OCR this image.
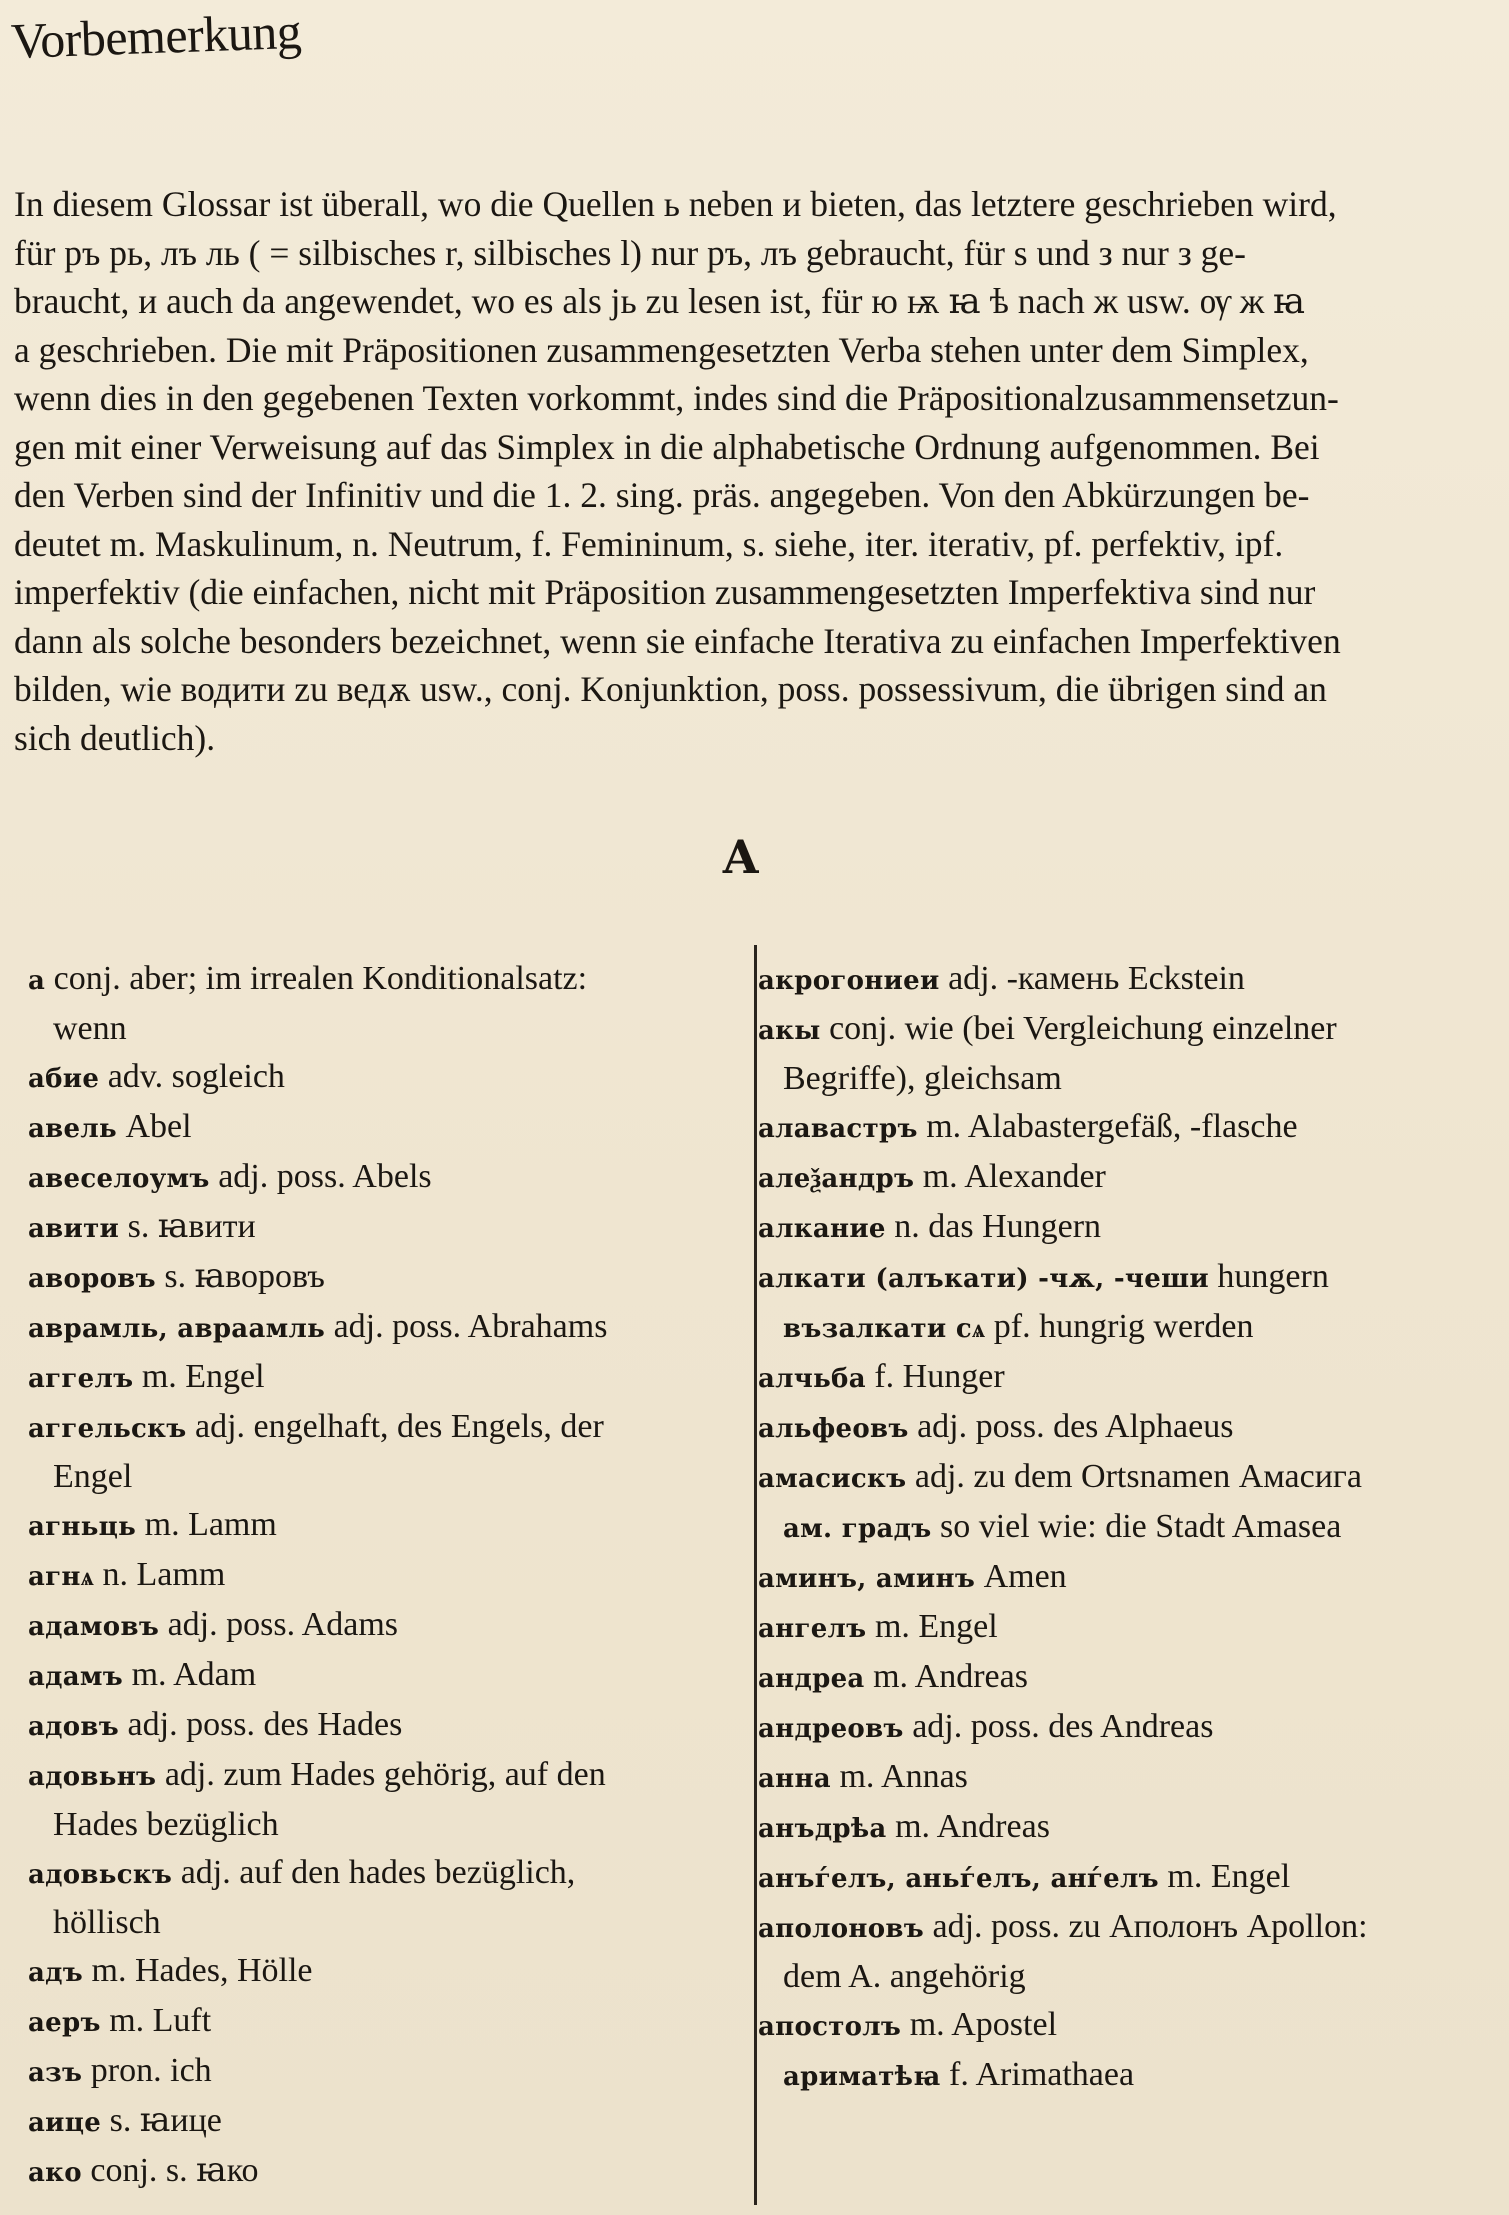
Vorbemerkung

In diesem Glossar ist überall, wo die Quellen ь neben и bieten, das letztere geschrieben wird,
für ръ рь, лъ ль ( = silbisches r, silbisches l) nur ръ, лъ gebraucht, für ѕ und з nur з ge-
braucht, и auch da angewendet, wo es als jь zu lesen ist, für ю ѭ ꙗ ѣ nach ж usw. ѹ ж ꙗ
a geschrieben. Die mit Präpositionen zusammengesetzten Verba stehen unter dem Simplex,
wenn dies in den gegebenen Texten vorkommt, indes sind die Präpositionalzusammensetzun-
gen mit einer Verweisung auf das Simplex in die alphabetische Ordnung aufgenommen. Bei
den Verben sind der Infinitiv und die 1. 2. sing. präs. angegeben. Von den Abkürzungen be-
deutet m. Maskulinum, n. Neutrum, f. Femininum, s. siehe, iter. iterativ, pf. perfektiv, ipf.
imperfektiv (die einfachen, nicht mit Präposition zusammengesetzten Imperfektiva sind nur
dann als solche besonders bezeichnet, wenn sie einfache Iterativa zu einfachen Imperfektiven
bilden, wie водити zu ведѫ usw., conj. Konjunktion, poss. possessivum, die übrigen sind an
sich deutlich).

А
а conj. aber; im irrealen Konditionalsatz:
wenn
абие adv. sogleich
авель Abel
авеселоумъ adj. poss. Abels
авити s. ꙗвити
аворовъ s. ꙗворовъ
аврамль, авраамль adj. poss. Abrahams
аггелъ m. Engel
аггельскъ adj. engelhaft, des Engels, der
Engel
агньць m. Lamm
агнѧ n. Lamm
адамовъ adj. poss. Adams
адамъ m. Adam
адовъ adj. poss. des Hades
адовьнъ adj. zum Hades gehörig, auf den
Hades bezüglich
адовьскъ adj. auf den hades bezüglich,
höllisch
адъ m. Hades, Hölle
аеръ m. Luft
азъ pron. ich
аице s. ꙗице
ако conj. s. ꙗко
акрогониеи adj. -камень Eckstein
акы conj. wie (bei Vergleichung einzelner
Begriffe), gleichsam
алавастръ m. Alabastergefäß, -flasche
алеѯандръ m. Alexander
алкание n. das Hungern
алкати (алъкати) -чѫ, -чеши hungern
възалкати сѧ pf. hungrig werden
алчьба f. Hunger
альфеовъ adj. poss. des Alphaeus
амасискъ adj. zu dem Ortsnamen Амасига
ам. градъ so viel wie: die Stadt Amasea
аминъ, аминъ Amen
ангелъ m. Engel
андреа m. Andreas
андреовъ adj. poss. des Andreas
анна m. Annas
анъдрѣа m. Andreas
анъѓелъ, аньѓелъ, анѓелъ m. Engel
аполоновъ adj. poss. zu Аполонъ Apollon:
dem A. angehörig
апостолъ m. Apostel
ариматѣꙗ f. Arimathaea
